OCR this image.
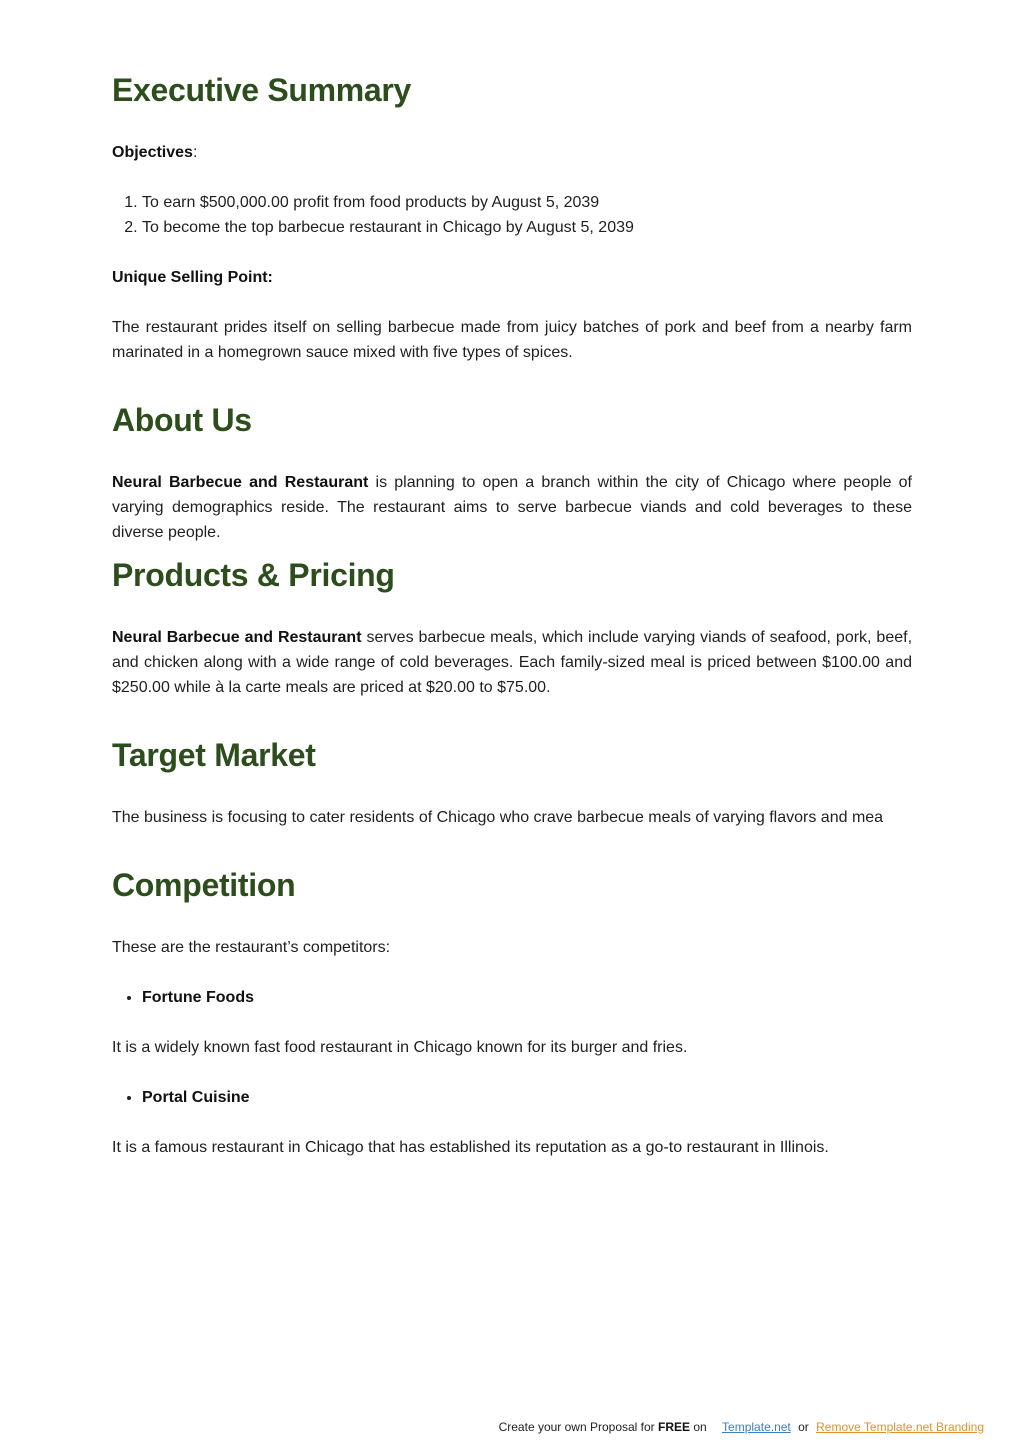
Executive Summary

Objectives:

1. To earn $500,000.00 profit from food products by August 5, 2039
2. To become the top barbecue restaurant in Chicago by August 5, 2039

Unique Selling Point:

The restaurant prides itself on selling barbecue made from juicy batches of pork and beef from a nearby farm marinated in a homegrown sauce mixed with five types of spices.

About Us

Neural Barbecue and Restaurant is planning to open a branch within the city of Chicago where people of varying demographics reside. The restaurant aims to serve barbecue viands and cold beverages to these diverse people.

Products & Pricing

Neural Barbecue and Restaurant serves barbecue meals, which include varying viands of seafood, pork, beef, and chicken along with a wide range of cold beverages. Each family-sized meal is priced between $100.00 and $250.00 while à la carte meals are priced at $20.00 to $75.00.

Target Market

The business is focusing to cater residents of Chicago who crave barbecue meals of varying flavors and mea

Competition

These are the restaurant’s competitors:

• Fortune Foods

It is a widely known fast food restaurant in Chicago known for its burger and fries.

• Portal Cuisine

It is a famous restaurant in Chicago that has established its reputation as a go-to restaurant in Illinois.

Create your own Proposal for FREE on Template.net or Remove Template.net Branding
